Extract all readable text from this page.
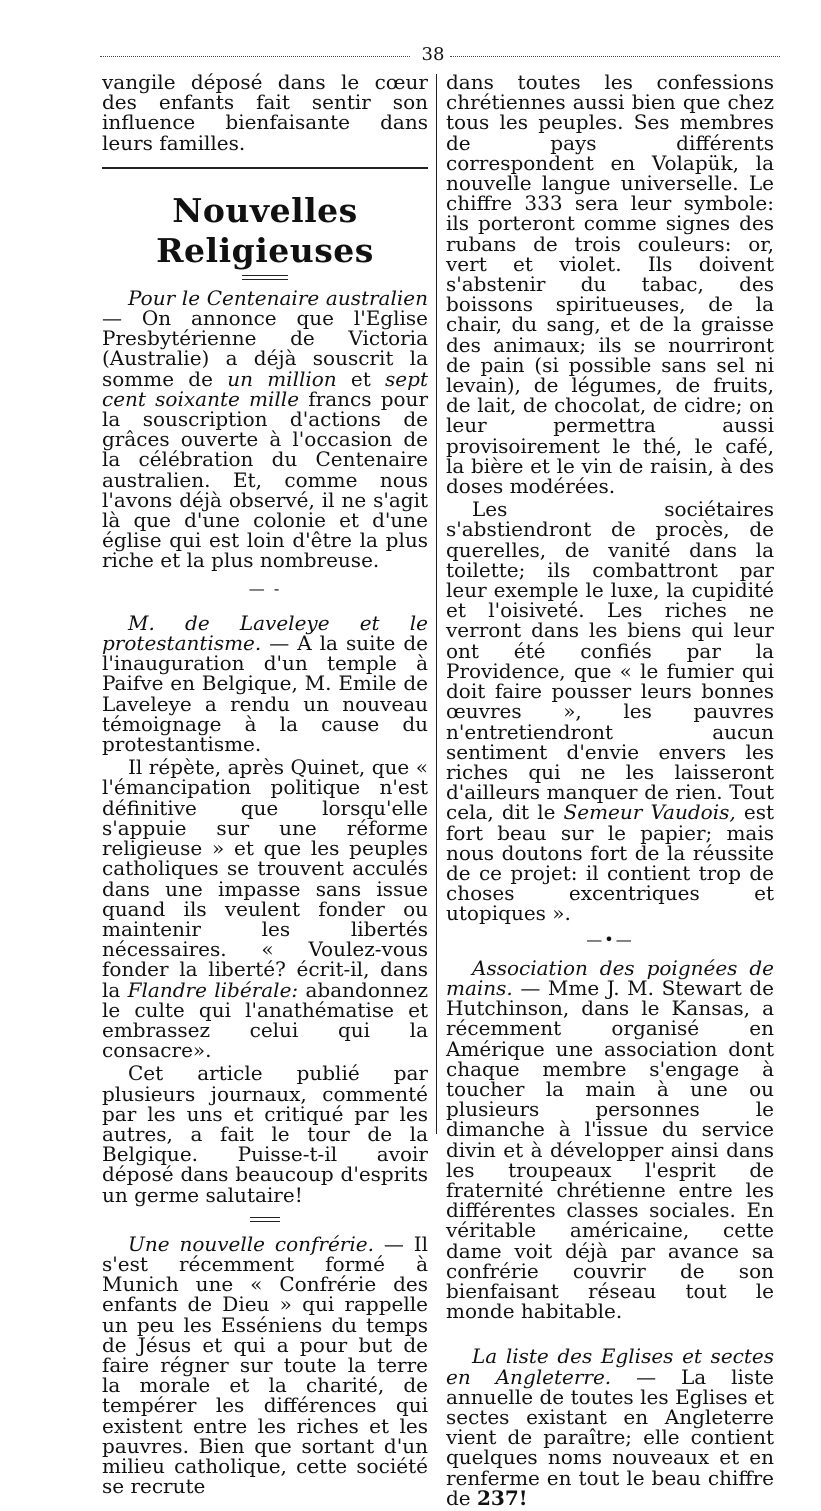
38

vangile déposé dans le cœur des enfants fait sentir son influence bienfaisante dans leurs familles.

Nouvelles Religieuses

Pour le Centenaire australien — On annonce que l'Eglise Presbytérienne de Victoria (Australie) a déjà souscrit la somme de un million et sept cent soixante mille francs pour la souscription d'actions de grâces ouverte à l'occasion de la célébration du Centenaire australien. Et, comme nous l'avons déjà observé, il ne s'agit là que d'une colonie et d'une église qui est loin d'être la plus riche et la plus nombreuse.

— -

M. de Laveleye et le protestantisme. — A la suite de l'inauguration d'un temple à Paifve en Belgique, M. Emile de Laveleye a rendu un nouveau témoignage à la cause du protestantisme.

Il répète, après Quinet, que « l'émancipation politique n'est définitive que lorsqu'elle s'appuie sur une réforme religieuse » et que les peuples catholiques se trouvent acculés dans une impasse sans issue quand ils veulent fonder ou maintenir les libertés nécessaires. « Voulez-vous fonder la liberté? écrit-il, dans la Flandre libérale: abandonnez le culte qui l'anathématise et embrassez celui qui la consacre».

Cet article publié par plusieurs journaux, commenté par les uns et critiqué par les autres, a fait le tour de la Belgique. Puisse-t-il avoir déposé dans beaucoup d'esprits un germe salutaire!

Une nouvelle confrérie. — Il s'est récemment formé à Munich une « Confrérie des enfants de Dieu » qui rappelle un peu les Esséniens du temps de Jésus et qui a pour but de faire régner sur toute la terre la morale et la charité, de tempérer les différences qui existent entre les riches et les pauvres. Bien que sortant d'un milieu catholique, cette société se recrute

dans toutes les confessions chrétiennes aussi bien que chez tous les peuples. Ses membres de pays différents correspondent en Volapük, la nouvelle langue universelle. Le chiffre 333 sera leur symbole: ils porteront comme signes des rubans de trois couleurs: or, vert et violet. Ils doivent s'abstenir du tabac, des boissons spiritueuses, de la chair, du sang, et de la graisse des animaux; ils se nourriront de pain (si possible sans sel ni levain), de légumes, de fruits, de lait, de chocolat, de cidre; on leur permettra aussi provisoirement le thé, le café, la bière et le vin de raisin, à des doses modérées.

Les sociétaires s'abstiendront de procès, de querelles, de vanité dans la toilette; ils combattront par leur exemple le luxe, la cupidité et l'oisiveté. Les riches ne verront dans les biens qui leur ont été confiés par la Providence, que « le fumier qui doit faire pousser leurs bonnes œuvres », les pauvres n'entretiendront aucun sentiment d'envie envers les riches qui ne les laisseront d'ailleurs manquer de rien. Tout cela, dit le Semeur Vaudois, est fort beau sur le papier; mais nous doutons fort de la réussite de ce projet: il contient trop de choses excentriques et utopiques ».

—•—

Association des poignées de mains. — Mme J. M. Stewart de Hutchinson, dans le Kansas, a récemment organisé en Amérique une association dont chaque membre s'engage à toucher la main à une ou plusieurs personnes le dimanche à l'issue du service divin et à développer ainsi dans les troupeaux l'esprit de fraternité chrétienne entre les différentes classes sociales. En véritable américaine, cette dame voit déjà par avance sa confrérie couvrir de son bienfaisant réseau tout le monde habitable.

La liste des Eglises et sectes en Angleterre. — La liste annuelle de toutes les Eglises et sectes existant en Angleterre vient de paraître; elle contient quelques noms nouveaux et en renferme en tout le beau chiffre de 237!
